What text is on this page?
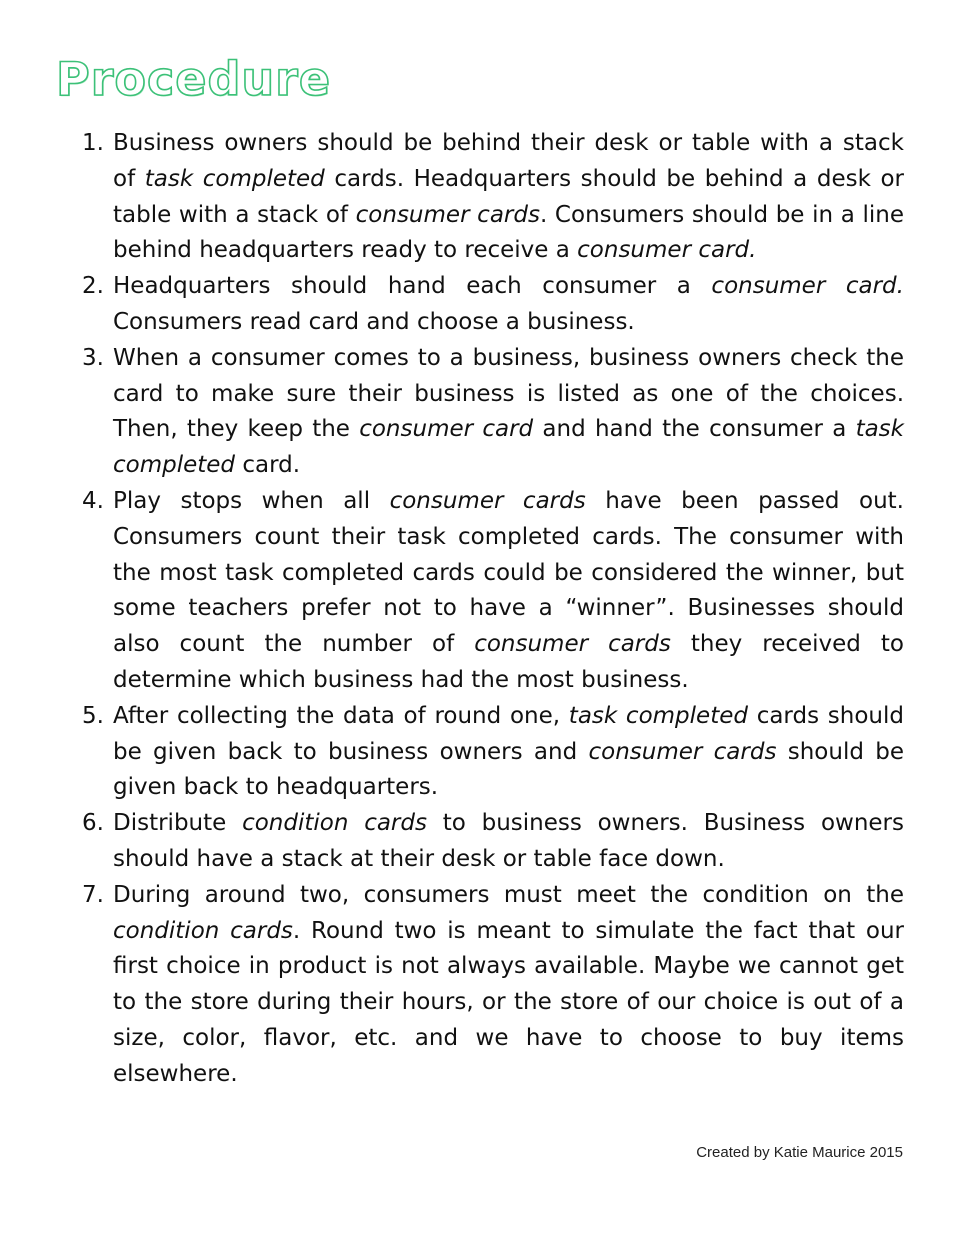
Procedure
1. Business owners should be behind their desk or table with a stack of task completed cards. Headquarters should be behind a desk or table with a stack of consumer cards. Consumers should be in a line behind headquarters ready to receive a consumer card.
2. Headquarters should hand each consumer a consumer card. Consumers read card and choose a business.
3. When a consumer comes to a business, business owners check the card to make sure their business is listed as one of the choices. Then, they keep the consumer card and hand the consumer a task completed card.
4. Play stops when all consumer cards have been passed out. Consumers count their task completed cards. The consumer with the most task completed cards could be considered the winner, but some teachers prefer not to have a “winner”. Businesses should also count the number of consumer cards they received to determine which business had the most business.
5. After collecting the data of round one, task completed cards should be given back to business owners and consumer cards should be given back to headquarters.
6. Distribute condition cards to business owners. Business owners should have a stack at their desk or table face down.
7. During around two, consumers must meet the condition on the condition cards. Round two is meant to simulate the fact that our first choice in product is not always available. Maybe we cannot get to the store during their hours, or the store of our choice is out of a size, color, flavor, etc. and we have to choose to buy items elsewhere.
Created by Katie Maurice 2015
